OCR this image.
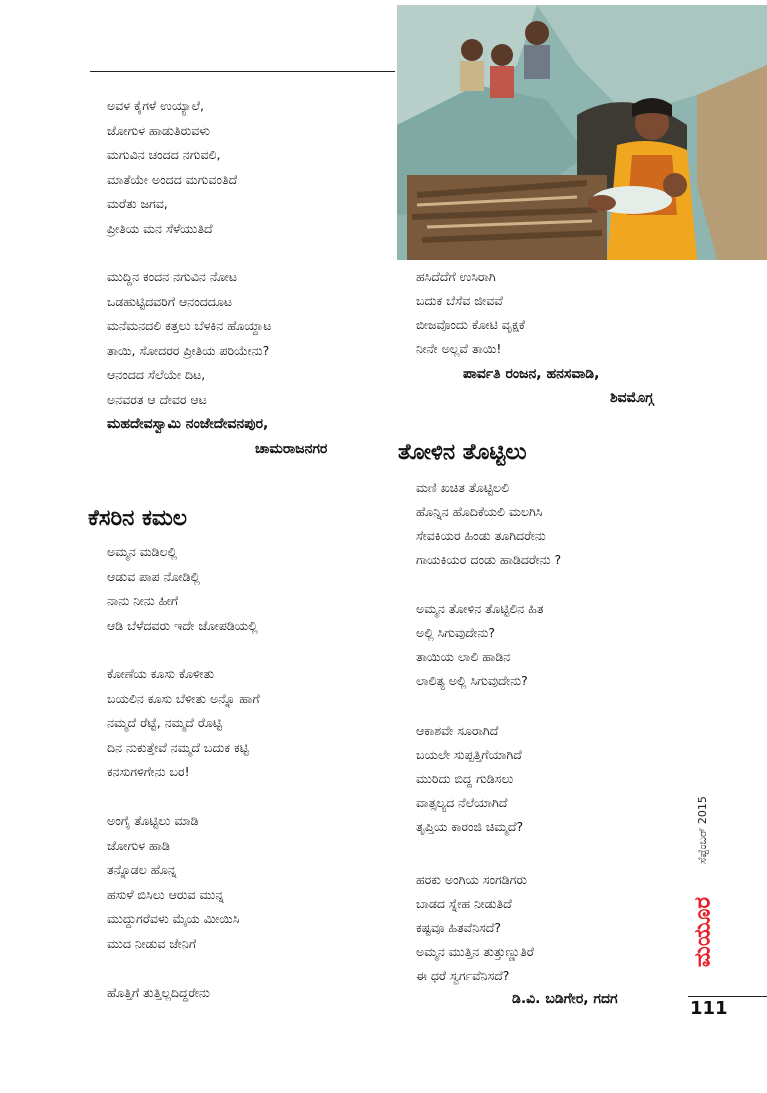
ಅವಳ ಕೈಗಳೆ ಉಯ್ಯಾಲೆ,
ಜೋಗುಳ ಹಾಡುತಿರುವಳು
ಮಗುವಿನ ಚಂದದ ನಗುವಲಿ,
ಮಾತೆಯೇ ಅಂದದ ಮಗುವಂತಿದೆ
ಮರೆತು ಜಗವ,
ಪ್ರೀತಿಯ ಮನ ಸೆಳೆಯುತಿದೆ
ಮುದ್ದಿನ ಕಂದನ ನಗುವಿನ ನೋಟ
ಒಡಹುಟ್ಟಿದವರಿಗೆ ಆನಂದದೂಟ
ಮನೆಮನದಲಿ ಕತ್ತಲು ಬೆಳಕಿನ ಹೊಯ್ದಾಟ
ತಾಯಿ, ಸೋದರರ ಪ್ರೀತಿಯ ಪರಿಯೇನು?
ಆನಂದದ ಸೆಲೆಯೇ ದಿಟ,
ಅನವರತ ಆ ದೇವರ ಆಟ
ಮಹದೇವಸ್ವಾಮಿ ನಂಜೇದೇವನಪುರ,
ಚಾಮರಾಜನಗರ
ಕೆಸರಿನ ಕಮಲ
ಅಮ್ಮನ ಮಡಿಲಲ್ಲಿ
ಆಡುವ ಪಾಪ ನೋಡಿಲ್ಲಿ
ನಾನು ನೀನು ಹೀಗೆ
ಆಡಿ ಬೆಳೆದವರು ಇದೇ ಜೋಪಡಿಯಲ್ಲಿ
ಕೋಣೆಯ ಕೂಸು ಕೊಳೀತು
ಬಯಲಿನ ಕೂಸು ಬೆಳೀತು ಅನ್ನೊ ಹಾಗೆ
ನಮ್ಮದೆ ರೆಟ್ಟೆ, ನಮ್ಮದೆ ರೊಟ್ಟಿ
ದಿನ ನುಕುತ್ತೇವೆ ನಮ್ಮದೆ ಬದುಕ ಕಟ್ಟಿ
ಕನಸುಗಳಿಗೇನು ಬರ!
ಅಂಗೈ ತೊಟ್ಟಿಲು ಮಾಡಿ
ಜೋಗುಳ ಹಾಡಿ
ತನ್ನೊಡಲ ಹೊನ್ನ
ಹಸುಳೆ ಬಿಸಿಲು ಆರುವ ಮುನ್ನ
ಮುದ್ದುಗರೆವಳು ಮೈಯ ಮೀಯಿಸಿ
ಮುದ ನೀಡುವ ಜೇನಿಗೆ
ಹೊತ್ತಿಗೆ ತುತ್ತಿಲ್ಲದಿದ್ದರೇನು
ಹಸಿದೆದೆಗೆ ಉಸಿರಾಗಿ
ಬದುಕ ಬೆಸೆವ ಜೀವವೆ
ಬೀಜವೊಂದು ಕೋಟಿ ವೃಕ್ಷಕೆ
ನೀನೇ ಅಲ್ಲವೆ ತಾಯಿ!
ಪಾರ್ವತಿ ರಂಜನ, ಹನಸವಾಡಿ,
ಶಿವಮೊಗ್ಗ
ತೋಳಿನ ತೊಟ್ಟಿಲು
ಮಣಿ ಖಚಿತ ತೊಟ್ಟಿಲಲಿ
ಹೊನ್ನಿನ ಹೊದಿಕೆಯಲಿ ಮಲಗಿಸಿ
ಸೇವಕಿಯರ ಹಿಂಡು ತೂಗಿದರೇನು
ಗಾಯಕಿಯರ ದಂಡು ಹಾಡಿದರೇನು ?
ಅಮ್ಮನ ತೋಳಿನ ತೊಟ್ಟಿಲಿನ ಹಿತ
ಅಲ್ಲಿ ಸಿಗುವುದೇನು?
ತಾಯಿಯ ಲಾಲಿ ಹಾಡಿನ
ಲಾಲಿತ್ಯ ಅಲ್ಲಿ ಸಿಗುವುದೇನು?
ಆಕಾಶವೇ ಸೂರಾಗಿದೆ
ಬಯಲೇ ಸುಪ್ಪತ್ತಿಗೆಯಾಗಿದೆ
ಮುರಿದು ಬಿದ್ದ ಗುಡಿಸಲು
ವಾತ್ಸಲ್ಯದ ನೆಲೆಯಾಗಿದೆ
ತೃಪ್ತಿಯ ಕಾರಂಜಿ ಚಿಮ್ಮದೆ?
ಹರಕು ಅಂಗಿಯ ಸಂಗಡಿಗರು
ಬಾಡದ ಸ್ನೇಹ ನೀಡುತಿದೆ
ಕಷ್ಟವೂ ಹಿತವೆನಿಸದೆ?
ಅಮ್ಮನ ಮುತ್ತಿನ ತುತ್ತುಣ್ಣುತಿರೆ
ಈ ಧರೆ ಸ್ವರ್ಗವೆನಿಸದೆ?
ಡಿ.ವಿ. ಬಡಿಗೇರ, ಗದಗ
ಸೆಪ್ಟೆಂಬರ್ 2015
ಮಯೂರ
111
